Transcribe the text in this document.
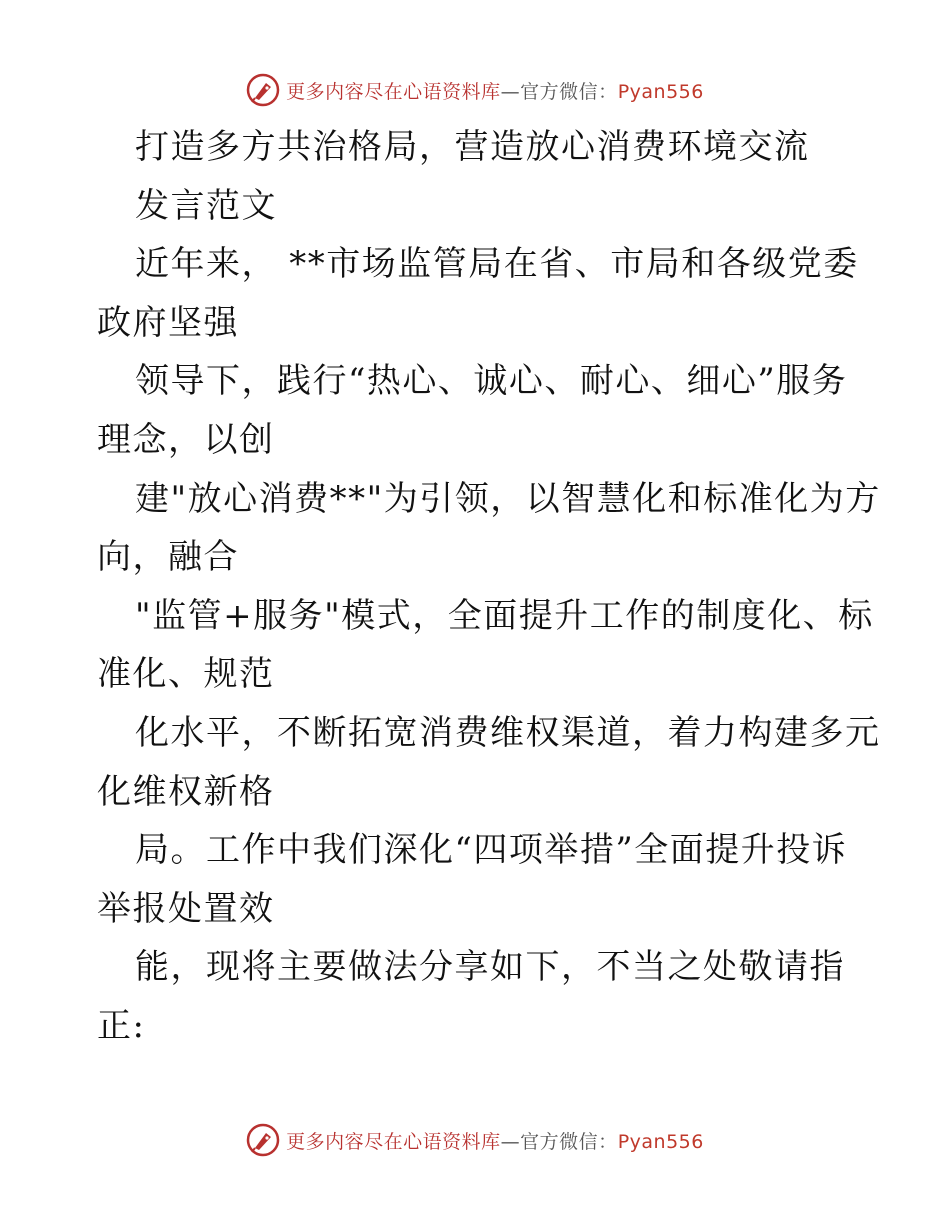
更多内容尽在心语资料库—官方微信：Pyan556
打造多方共治格局，营造放心消费环境交流
发言范文
近年来， **市场监管局在省、市局和各级党委
政府坚强
领导下，践行“热心、诚心、耐心、细心”服务
理念，以创
建"放心消费**"为引领，以智慧化和标准化为方
向，融合
"监管+服务"模式，全面提升工作的制度化、标
准化、规范
化水平，不断拓宽消费维权渠道，着力构建多元
化维权新格
局。工作中我们深化“四项举措”全面提升投诉
举报处置效
能，现将主要做法分享如下，不当之处敬请指
正:
更多内容尽在心语资料库—官方微信：Pyan556
